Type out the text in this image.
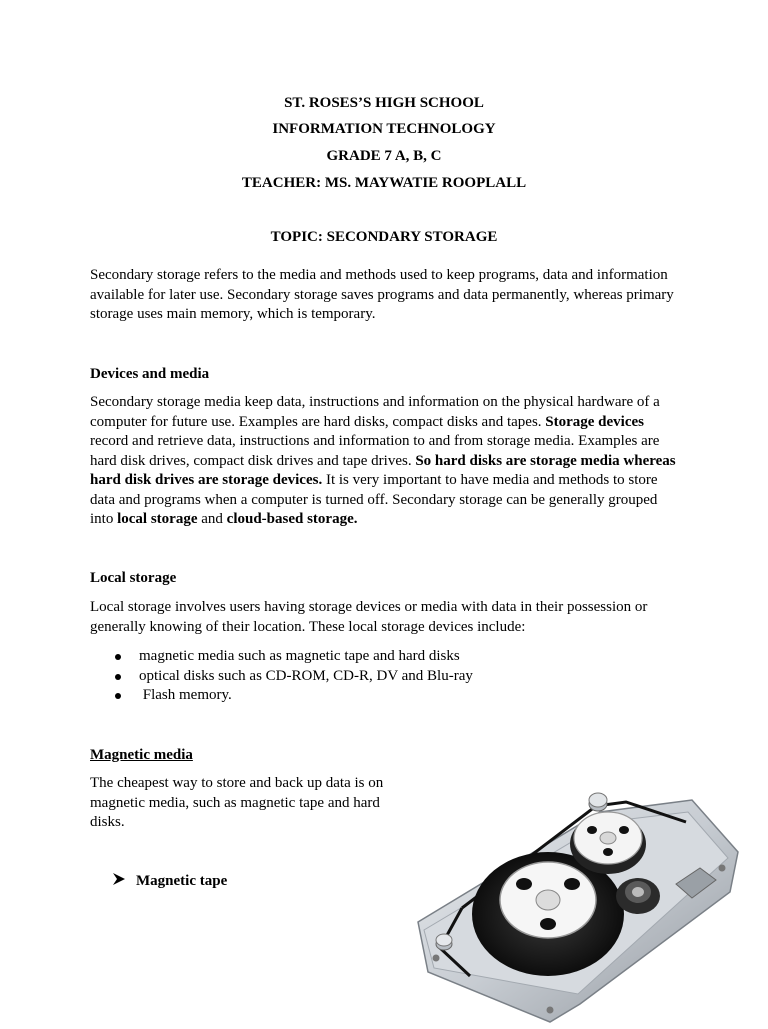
ST. ROSES’S HIGH SCHOOL
INFORMATION TECHNOLOGY
GRADE 7 A, B, C
TEACHER: MS. MAYWATIE ROOPLALL
TOPIC: SECONDARY STORAGE
Secondary storage refers to the media and methods used to keep programs, data and information available for later use. Secondary storage saves programs and data permanently, whereas primary storage uses main memory, which is temporary.
Devices and media
Secondary storage media keep data, instructions and information on the physical hardware of a computer for future use. Examples are hard disks, compact disks and tapes. Storage devices record and retrieve data, instructions and information to and from storage media. Examples are hard disk drives, compact disk drives and tape drives. So hard disks are storage media whereas hard disk drives are storage devices. It is very important to have media and methods to store data and programs when a computer is turned off. Secondary storage can be generally grouped into local storage and cloud-based storage.
Local storage
Local storage involves users having storage devices or media with data in their possession or generally knowing of their location. These local storage devices include:
magnetic media such as magnetic tape and hard disks
optical disks such as CD-ROM, CD-R, DV and Blu-ray
Flash memory.
Magnetic media
The cheapest way to store and back up data is on magnetic media, such as magnetic tape and hard disks.
Magnetic tape
